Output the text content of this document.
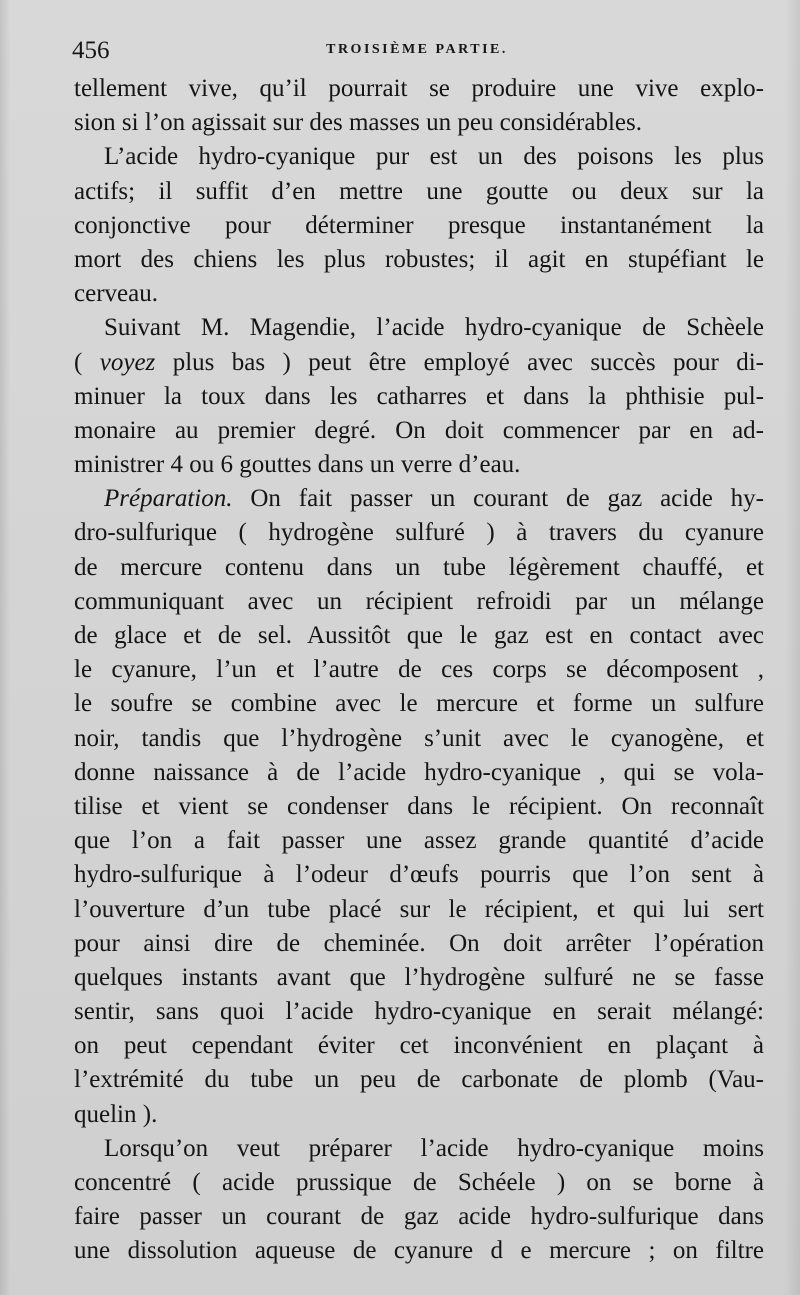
456	TROISIÈME PARTIE.
tellement vive, qu’il pourrait se produire une vive explo-
sion si l’on agissait sur des masses un peu considérables.
L’acide hydro-cyanique pur est un des poisons les plus
actifs; il suffit d’en mettre une goutte ou deux sur la
conjonctive pour déterminer presque instantanément la
mort des chiens les plus robustes; il agit en stupéfiant le
cerveau.
Suivant M. Magendie, l’acide hydro-cyanique de Schèele
( voyez plus bas ) peut être employé avec succès pour di-
minuer la toux dans les catharres et dans la phthisie pul-
monaire au premier degré. On doit commencer par en ad-
ministrer 4 ou 6 gouttes dans un verre d’eau.
Préparation. On fait passer un courant de gaz acide hy-
dro-sulfurique ( hydrogène sulfuré ) à travers du cyanure
de mercure contenu dans un tube légèrement chauffé, et
communiquant avec un récipient refroidi par un mélange
de glace et de sel. Aussitôt que le gaz est en contact avec
le cyanure, l’un et l’autre de ces corps se décomposent ,
le soufre se combine avec le mercure et forme un sulfure
noir, tandis que l’hydrogène s’unit avec le cyanogène, et
donne naissance à de l’acide hydro-cyanique , qui se vola-
tilise et vient se condenser dans le récipient. On reconnaît
que l’on a fait passer une assez grande quantité d’acide
hydro-sulfurique à l’odeur d’œufs pourris que l’on sent à
l’ouverture d’un tube placé sur le récipient, et qui lui sert
pour ainsi dire de cheminée. On doit arrêter l’opération
quelques instants avant que l’hydrogène sulfuré ne se fasse
sentir, sans quoi l’acide hydro-cyanique en serait mélangé:
on peut cependant éviter cet inconvénient en plaçant à
l’extrémité du tube un peu de carbonate de plomb (Vau-
quelin ).
Lorsqu’on veut préparer l’acide hydro-cyanique moins
concentré ( acide prussique de Schéele ) on se borne à
faire passer un courant de gaz acide hydro-sulfurique dans
une dissolution aqueuse de cyanure d e mercure ; on filtre
